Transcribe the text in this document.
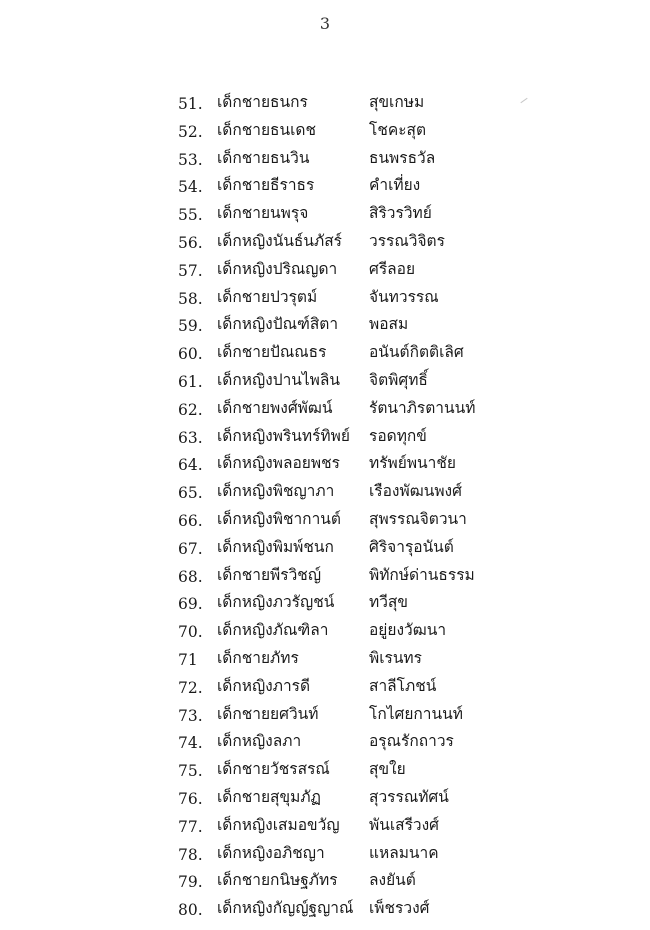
3
51. เด็กชายธนกร	สุขเกษม
52. เด็กชายธนเดช	โชคะสุต
53. เด็กชายธนวิน	ธนพรธวัล
54. เด็กชายธีราธร	คำเที่ยง
55. เด็กชายนพรุจ	สิริวรวิทย์
56. เด็กหญิงนันธ์นภัสร์ วรรณวิจิตร
57. เด็กหญิงปริณญดา ศรีลอย
58. เด็กชายปวรุตม์	จันทวรรณ
59. เด็กหญิงปัณฑ์สิตา พอสม
60. เด็กชายปัณณธร	อนันต์กิตติเลิศ
61. เด็กหญิงปานไพลิน จิตพิศุทธิ์
62. เด็กชายพงศ์พัฒน์ รัตนาภิรตานนท์
63. เด็กหญิงพรินทร์ทิพย์ รอดทุกข์
64. เด็กหญิงพลอยพชร ทรัพย์พนาชัย
65. เด็กหญิงพิชญาภา เรืองพัฒนพงศ์
66. เด็กหญิงพิชากานต์ สุพรรณจิตวนา
67. เด็กหญิงพิมพ์ชนก ศิริจารุอนันต์
68. เด็กชายพีรวิชญ์	พิทักษ์ด่านธรรม
69. เด็กหญิงภวรัญชน์ ทวีสุข
70. เด็กหญิงภัณฑิลา	อยู่ยงวัฒนา
71	เด็กชายภัทร	พิเรนทร
72. เด็กหญิงภารดี	สาลีโภชน์
73. เด็กชายยศวินท์	โกไศยกานนท์
74. เด็กหญิงลภา	อรุณรักถาวร
75. เด็กชายวัชรสรณ์	สุขใย
76. เด็กชายสุขุมภัฏ	สุวรรณทัศน์
77. เด็กหญิงเสมอขวัญ พันเสรีวงศ์
78. เด็กหญิงอภิชญา	แหลมนาค
79. เด็กชายกนิษฐภัทร ลงยันต์
80. เด็กหญิงกัญญ์ฐญาณ์ เพ็ชรวงศ์
